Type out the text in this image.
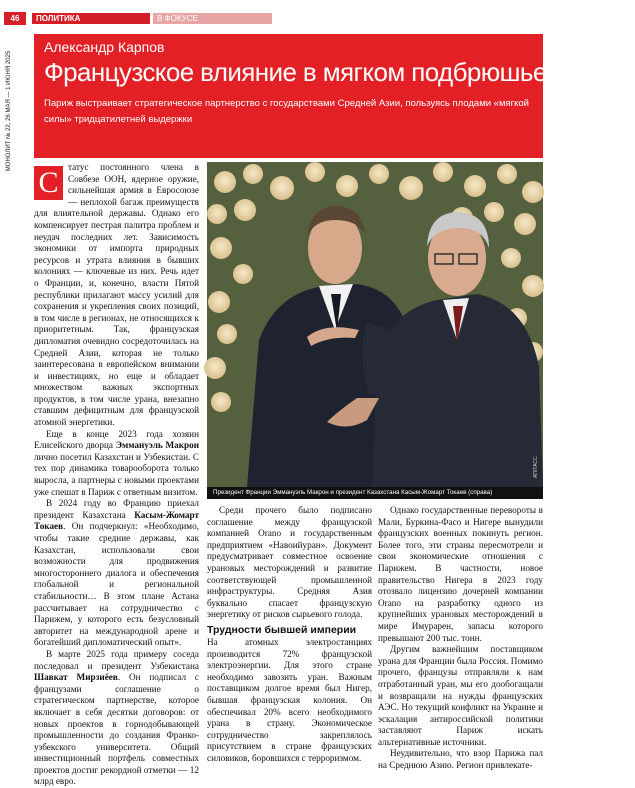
46	ПОЛИТИКА	В ФОКУСЕ
МОНОЛИТ № 22, 26 МАЯ — 1 ИЮНЯ 2025
Александр Карпов
Французское влияние в мягком подбрюшье России
Париж выстраивает стратегическое партнерство с государствами Средней Азии, пользуясь плодами «мягкой силы» тридцатилетней выдержки
С	татус постоянного члена в Совбезе ООН, ядерное оружие, сильнейшая армия в Евросоюзе — неплохой багаж преимуществ для влиятельной державы. Однако его компенсирует пестрая палитра проблем и неудач последних лет. Зависимость экономики от импорта природных ресурсов и утрата влияния в бывших колониях — ключевые из них. Речь идет о Франции, и, конечно, власти Пятой республики прилагают массу усилий для сохранения и укрепления своих позиций, в том числе в регионах, не относящихся к приоритетным. Так, французская дипломатия очевидно сосредоточилась на Средней Азии, которая не только заинтересована в европейском внимании и инвестициях, но еще и обладает множеством важных экспортных продуктов, в том числе урана, внезапно ставшим дефицитным для французской атомной энергетики.

Еще в конце 2023 года хозяин Елисейского дворца Эммануэль Макрон лично посетил Казахстан и Узбекистан. С тех пор динамика товарооборота только выросла, а партнеры с новыми проектами уже спешат в Париж с ответным визитом.

В 2024 году во Францию приехал президент Казахстана Касым-Жомарт Токаев. Он подчеркнул: «Необходимо, чтобы такие средние державы, как Казахстан, использовали свои возможности для продвижения многостороннего диалога и обеспечения глобальной и региональной стабильности… В этом плане Астана рассчитывает на сотрудничество с Парижем, у которого есть безусловный авторитет на международной арене и богатейший дипломатический опыт».

В марте 2025 года примеру соседа последовал и президент Узбекистана Шавкат Мирзиёев. Он подписал с французами соглашение о стратегическом партнерстве, которое включает в себя десятки договоров: от новых проектов в горнодобывающей промышленности до создания Франко-узбекского университета. Общий инвестиционный портфель совместных проектов достиг рекордной отметки — 12 млрд евро.

АП/ТАСС
Президент Франции Эммануэль Макрон и президент Казахстана Касым-Жомарт Токаев (справа)

Среди прочего было подписано соглашение между французской компанией Orano и государственным предприятием «Навоийуран». Документ предусматривает совместное освоение урановых месторождений и развитие соответствующей промышленной инфраструктуры. Средняя Азия буквально спасает французскую энергетику от рисков сырьевого голода.

Трудности бывшей империи

На атомных электростанциях производится 72% французской электроэнергии. Для этого стране необходимо завозить уран. Важным поставщиком долгое время был Нигер, бывшая французская колония. Он обеспечивал 20% всего необходимого урана в страну. Экономическое сотрудничество закреплялось присутствием в стране французских силовиков, боровшихся с терроризмом.

Однако государственные перевороты в Мали, Буркина-Фасо и Нигере вынудили французских военных покинуть регион. Более того, эти страны пересмотрели и свои экономические отношения с Парижем. В частности, новое правительство Нигера в 2023 году отозвало лицензию дочерней компании Orano на разработку одного из крупнейших урановых месторождений в мире Имурарен, запасы которого превышают 200 тыс. тонн.

Другим важнейшим поставщиком урана для Франции была Россия. Помимо прочего, французы отправляли к нам отработанный уран, мы его дообогащали и возвращали на нужды французских АЭС. Но текущий конфликт на Украине и эскалация антироссийской политики заставляют Париж искать альтернативные источники.

Неудивительно, что взор Парижа пал на Среднюю Азию. Регион привлекате-
